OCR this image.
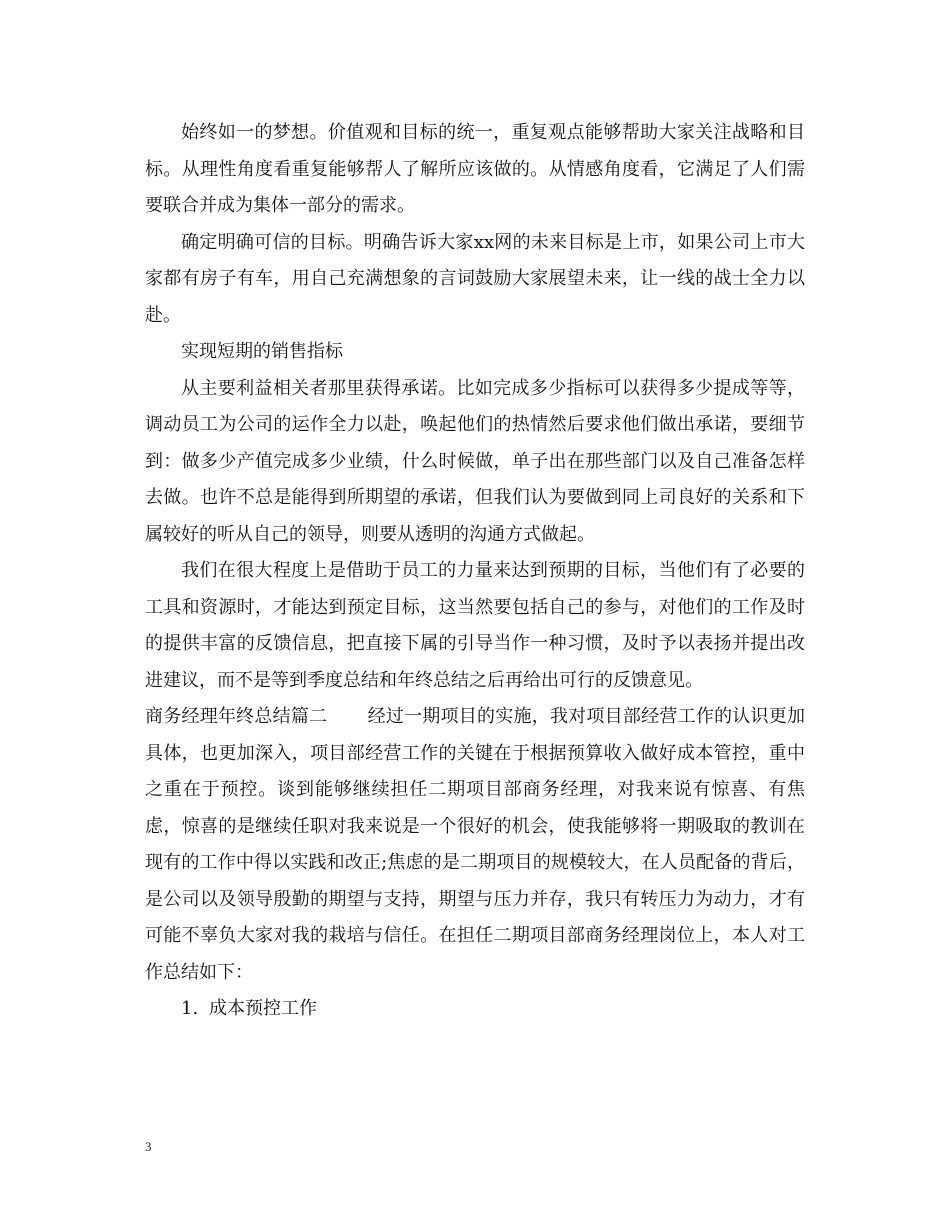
始终如一的梦想。价值观和目标的统一，重复观点能够帮助大家关注战略和目标。从理性角度看重复能够帮人了解所应该做的。从情感角度看，它满足了人们需要联合并成为集体一部分的需求。

确定明确可信的目标。明确告诉大家xx网的未来目标是上市，如果公司上市大家都有房子有车，用自己充满想象的言词鼓励大家展望未来，让一线的战士全力以赴。

实现短期的销售指标

从主要利益相关者那里获得承诺。比如完成多少指标可以获得多少提成等等，调动员工为公司的运作全力以赴，唤起他们的热情然后要求他们做出承诺，要细节到：做多少产值完成多少业绩，什么时候做，单子出在那些部门以及自己准备怎样去做。也许不总是能得到所期望的承诺，但我们认为要做到同上司良好的关系和下属较好的听从自己的领导，则要从透明的沟通方式做起。

我们在很大程度上是借助于员工的力量来达到预期的目标，当他们有了必要的工具和资源时，才能达到预定目标，这当然要包括自己的参与，对他们的工作及时的提供丰富的反馈信息，把直接下属的引导当作一种习惯，及时予以表扬并提出改进建议，而不是等到季度总结和年终总结之后再给出可行的反馈意见。

商务经理年终总结篇二 经过一期项目的实施，我对项目部经营工作的认识更加具体，也更加深入，项目部经营工作的关键在于根据预算收入做好成本管控，重中之重在于预控。谈到能够继续担任二期项目部商务经理，对我来说有惊喜、有焦虑，惊喜的是继续任职对我来说是一个很好的机会，使我能够将一期吸取的教训在现有的工作中得以实践和改正;焦虑的是二期项目的规模较大，在人员配备的背后，是公司以及领导殷勤的期望与支持，期望与压力并存，我只有转压力为动力，才有可能不辜负大家对我的栽培与信任。在担任二期项目部商务经理岗位上，本人对工作总结如下：

1. 成本预控工作

3
